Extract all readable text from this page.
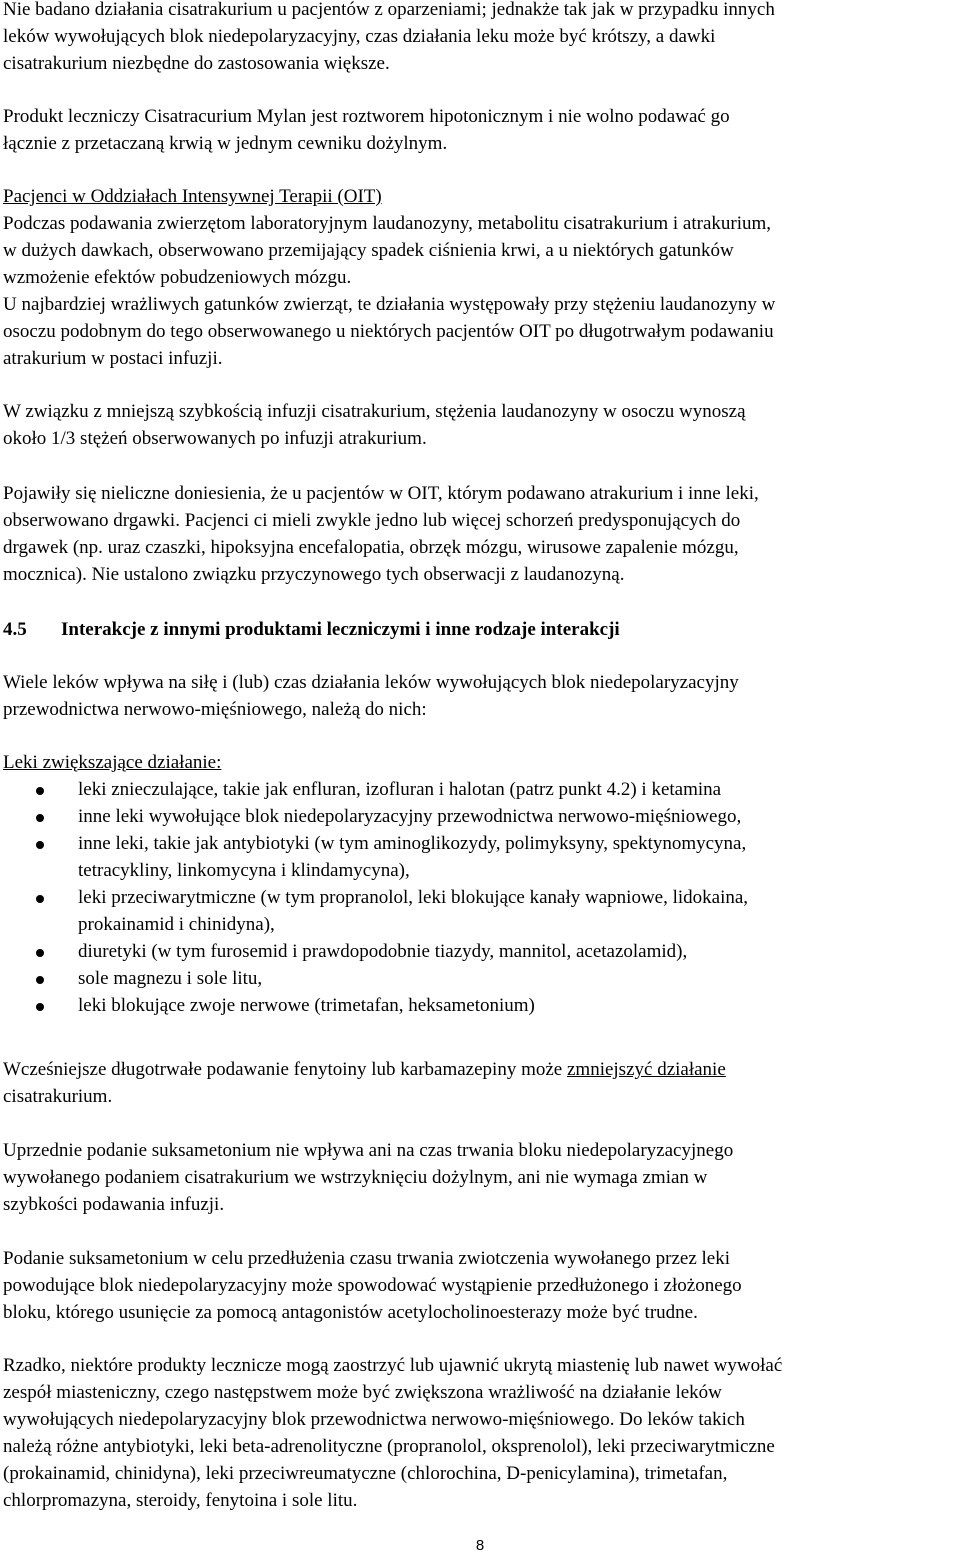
Nie badano działania cisatrakurium u pacjentów z oparzeniami; jednakże tak jak w przypadku innych
leków wywołujących blok niedepolaryzacyjny, czas działania leku może być krótszy, a dawki
cisatrakurium niezbędne do zastosowania większe.

Produkt leczniczy Cisatracurium Mylan jest roztworem hipotonicznym i nie wolno podawać go
łącznie z przetaczaną krwią w jednym cewniku dożylnym.

Pacjenci w Oddziałach Intensywnej Terapii (OIT)
Podczas podawania zwierzętom laboratoryjnym laudanozyny, metabolitu cisatrakurium i atrakurium,
w dużych dawkach, obserwowano przemijający spadek ciśnienia krwi, a u niektórych gatunków
wzmożenie efektów pobudzeniowych mózgu.
U najbardziej wrażliwych gatunków zwierząt, te działania występowały przy stężeniu laudanozyny w
osoczu podobnym do tego obserwowanego u niektórych pacjentów OIT po długotrwałym podawaniu
atrakurium w postaci infuzji.

W związku z mniejszą szybkością infuzji cisatrakurium, stężenia laudanozyny w osoczu wynoszą
około 1/3 stężeń obserwowanych po infuzji atrakurium.

Pojawiły się nieliczne doniesienia, że u pacjentów w OIT, którym podawano atrakurium i inne leki,
obserwowano drgawki. Pacjenci ci mieli zwykle jedno lub więcej schorzeń predysponujących do
drgawek (np. uraz czaszki, hipoksyjna encefalopatia, obrzęk mózgu, wirusowe zapalenie mózgu,
mocznica). Nie ustalono związku przyczynowego tych obserwacji z laudanozyną.

4.5 Interakcje z innymi produktami leczniczymi i inne rodzaje interakcji

Wiele leków wpływa na siłę i (lub) czas działania leków wywołujących blok niedepolaryzacyjny
przewodnictwa nerwowo-mięśniowego, należą do nich:

Leki zwiększające działanie:

leki znieczulające, takie jak enfluran, izofluran i halotan (patrz punkt 4.2) i ketamina
inne leki wywołujące blok niedepolaryzacyjny przewodnictwa nerwowo-mięśniowego,
inne leki, takie jak antybiotyki (w tym aminoglikozydy, polimyksyny, spektynomycyna,
tetracykliny, linkomycyna i klindamycyna),
leki przeciwarytmiczne (w tym propranolol, leki blokujące kanały wapniowe, lidokaina,
prokainamid i chinidyna),
diuretyki (w tym furosemid i prawdopodobnie tiazydy, mannitol, acetazolamid),
sole magnezu i sole litu,
leki blokujące zwoje nerwowe (trimetafan, heksametonium)

Wcześniejsze długotrwałe podawanie fenytoiny lub karbamazepiny może zmniejszyć działanie
cisatrakurium.

Uprzednie podanie suksametonium nie wpływa ani na czas trwania bloku niedepolaryzacyjnego
wywołanego podaniem cisatrakurium we wstrzyknięciu dożylnym, ani nie wymaga zmian w
szybkości podawania infuzji.

Podanie suksametonium w celu przedłużenia czasu trwania zwiotczenia wywołanego przez leki
powodujące blok niedepolaryzacyjny może spowodować wystąpienie przedłużonego i złożonego
bloku, którego usunięcie za pomocą antagonistów acetylocholinoesterazy może być trudne.

Rzadko, niektóre produkty lecznicze mogą zaostrzyć lub ujawnić ukrytą miastenię lub nawet wywołać
zespół miasteniczny, czego następstwem może być zwiększona wrażliwość na działanie leków
wywołujących niedepolaryzacyjny blok przewodnictwa nerwowo-mięśniowego. Do leków takich
należą różne antybiotyki, leki beta-adrenolityczne (propranolol, oksprenolol), leki przeciwarytmiczne
(prokainamid, chinidyna), leki przeciwreumatyczne (chlorochina, D-penicylamina), trimetafan,
chlorpromazyna, steroidy, fenytoina i sole litu.

8
